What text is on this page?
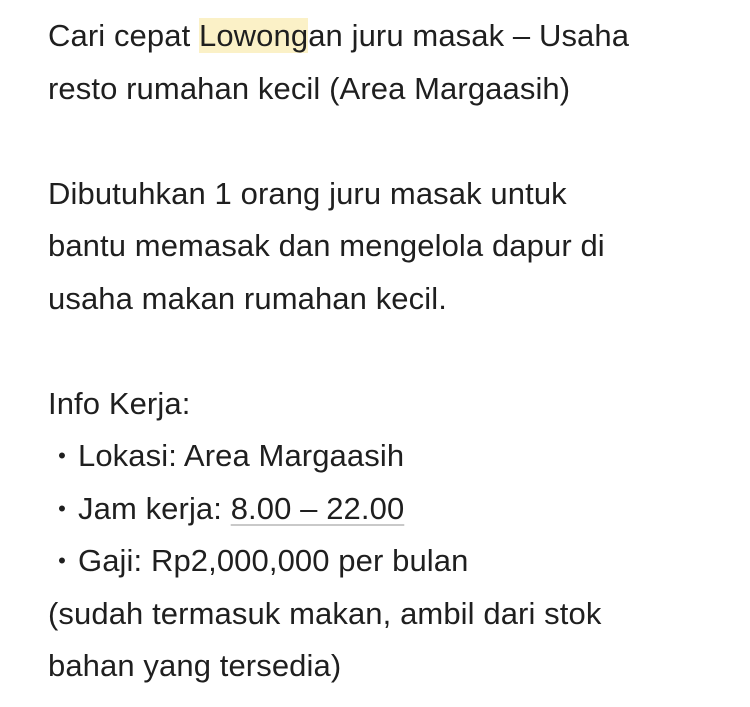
Cari cepat Lowongan juru masak – Usaha
resto rumahan kecil (Area Margaasih)
Dibutuhkan 1 orang juru masak untuk
bantu memasak dan mengelola dapur di
usaha makan rumahan kecil.
Info Kerja:
• Lokasi: Area Margaasih
• Jam kerja: 8.00 – 22.00
• Gaji: Rp2,000,000 per bulan
(sudah termasuk makan, ambil dari stok
bahan yang tersedia)
